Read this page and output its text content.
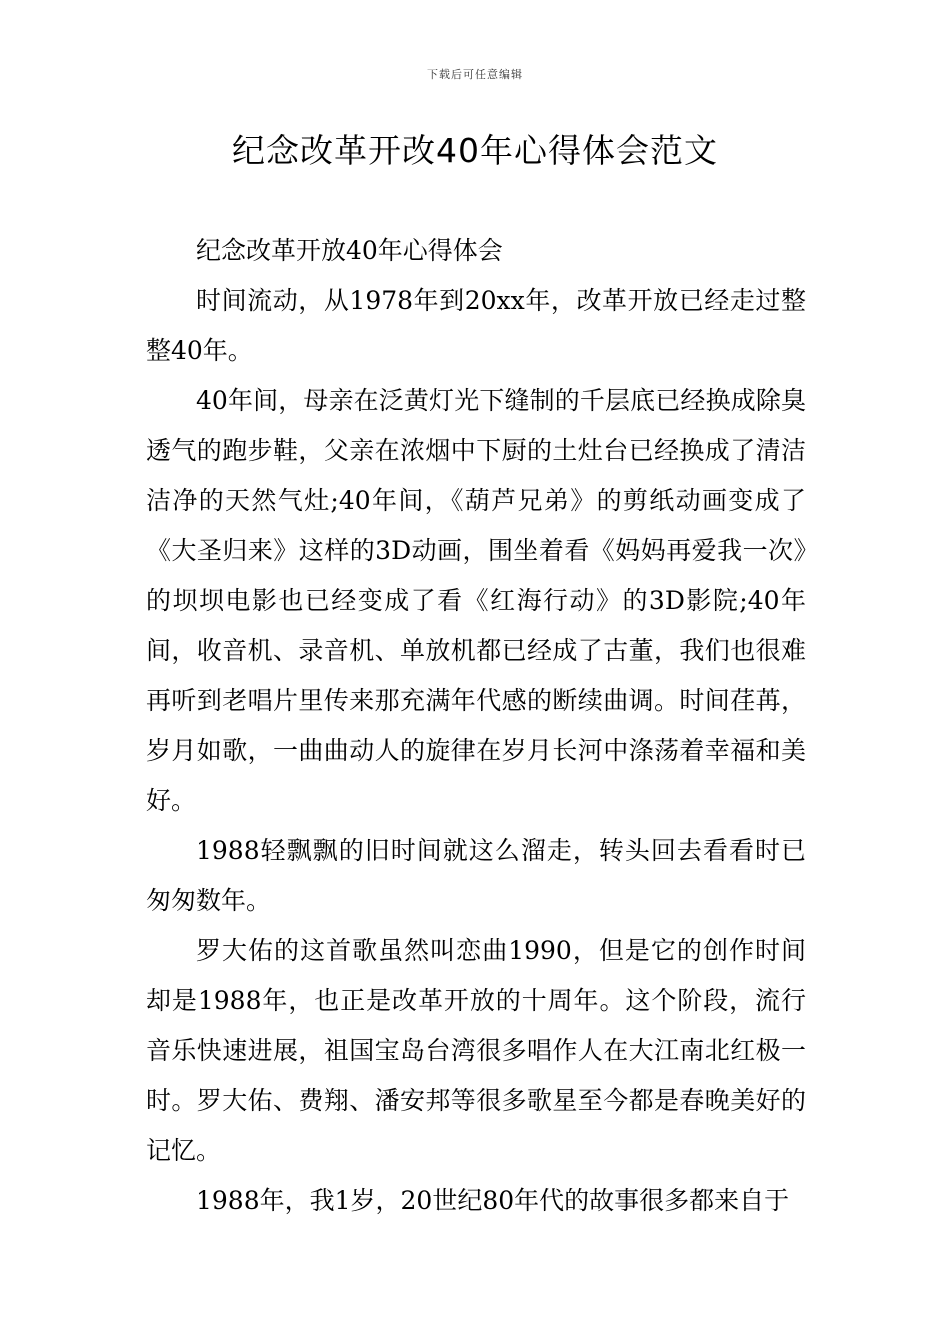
下载后可任意编辑
纪念改革开改40年心得体会范文

纪念改革开放40年心得体会

时间流动，从1978年到20xx年，改革开放已经走过整整40年。

40年间，母亲在泛黄灯光下缝制的千层底已经换成除臭透气的跑步鞋，父亲在浓烟中下厨的土灶台已经换成了清洁洁净的天然气灶;40年间，《葫芦兄弟》的剪纸动画变成了《大圣归来》这样的3D动画，围坐着看《妈妈再爱我一次》的坝坝电影也已经变成了看《红海行动》的3D影院;40年间，收音机、录音机、单放机都已经成了古董，我们也很难再听到老唱片里传来那充满年代感的断续曲调。时间荏苒，岁月如歌，一曲曲动人的旋律在岁月长河中涤荡着幸福和美好。

1988轻飘飘的旧时间就这么溜走，转头回去看看时已匆匆数年。

罗大佑的这首歌虽然叫恋曲1990，但是它的创作时间却是1988年，也正是改革开放的十周年。这个阶段，流行音乐快速进展，祖国宝岛台湾很多唱作人在大江南北红极一时。罗大佑、费翔、潘安邦等很多歌星至今都是春晚美好的记忆。

1988年，我1岁，20世纪80年代的故事很多都来自于
